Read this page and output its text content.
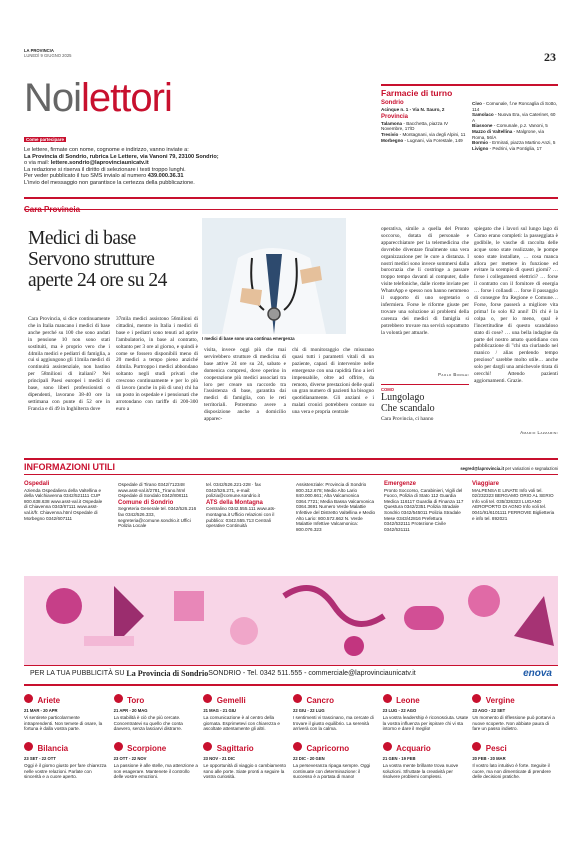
LA PROVINCIA
LUNEDÌ 9 GIUGNO 2025	23
Noilettori
Come partecipare
Le lettere, firmate con nome, cognome e indirizzo, vanno inviate a:
La Provincia di Sondrio, rubrica Le Lettere, via Vanoni 79, 23100 Sondrio;
o via mail: lettere.sondrio@laprovinciaunicatv.it
La redazione si riserva il diritto di selezionare i testi troppo lunghi.
Per veder pubblicato il tuo SMS invialo al numero 439.000.36.31
L'invio del messaggio non garantisce la certezza della pubblicazione.
Farmacie di turno
Sondrio
Acinque n. 1 - Via N. Sauro, 2
Provincia
Talamona - Bacchetta, piazza IV Novembre, 17/D
Tresivio - Montagnani, via degli Alpini, 11
Morbegno - Lugnani, via Forestale, 149
Civo - Comunale, f.ne Roncaglia di Sotto, 114
Samolaco - Nuova Era, via Caterinet, 60 A
Biassone - Comunale, p.z. Vanoni, 5
Mazzo di Valtellina - Malgrone, via Roma, 56/A
Bormio - Ermirati, piazza Martino Anzi, 5
Livigno - Pedrini, via Pontiglia, 17
Cara Provincia
Medici di base
Servono strutture
aperte 24 ore su 24
I medici di base sono una continua emergenza
Cara Provincia, si dice continuamente che in Italia mancano i medici di base anche perché su 100 che sono andati in pensione 10 non sono stati sostituiti, ma è proprio vero che i 44mila medici e pediatri di famiglia, a cui si aggiungono gli 11mila medici di continuità assistenziale, non bastino per 58milioni di italiani? Nei principali Paesi europei i medici di base, sono liberi professionisti o dipendenti, lavorano 38-40 ore la settimana con punte di 52 ore in Francia e di 49 in Inghilterra dove
37mila medici assistono 56milioni di cittadini, mentre in Italia i medici di base e i pediatri sono tenuti ad aprire l'ambulatorio, in base al contratto, soltanto per 3 ore al giorno, e quindi è come se fossero disponibili meno di 20 medici a tempo pieno anziché 44mila. Purtroppo i medici abbondano soltanto negli studi privati che crescono continuamente e per lo più di lavoro (anche in più di uno) chi ha un posto in ospedale e i pensionati che arrotondano con tariffe di 200-300 euro a
visita, invece oggi più che mai servirebbero strutture di medicina di base attive 24 ore su 24, sabato e domenica compresi, dove operino in cooperazione più medici associati tra loro per creare un raccordo tra l'assistenza di base, garantita dai medici di famiglia, con le reti territoriali. Potremmo avere a disposizione anche a domicilio apparec-
chi di monitoraggio che misurano quasi tutti i parametri vitali di un paziente, capaci di intervenire nelle emergenze con una rapidità fino a ieri impensabile, oltre ad offrire, da remoto, diverse prestazioni delle quali un gran numero di pazienti ha bisogno quotidianamente. Gli anziani e i malati cronici potrebbero contare su una vera e propria centrale
operativa, simile a quella del Pronto soccorso, dotata di personale e apparecchiature per la telemedicina che dovrebbe diventare finalmente una vera organizzazione per le cure a distanza. I nostri medici sono invece sommersi dalla burocrazia che li costringe a passare troppo tempo davanti al computer, dalle visite telefoniche, dalle ricette inviate per WhatsApp e spesso non hanno nemmeno il supporto di uno segretario o infermiera. Forse le riforme giuste per trovare una soluzione ai problemi della carenza dei medici di famiglia si potrebbero trovare ma servirà soprattutto la volontà per attuarle.
Paolo Borghi
COMO
Lungolago
Che scandalo
Cara Provincia, ci hanno
spiegato che i lavori sul lungo lago di Como erano completi: la passeggiata è godibile, le vasche di raccolta delle acque sono state realizzate, le pompe sono state installate, … cosa manca allora per mettere in funzione ed evitare la scempio di questi giorni? … forse i collegamenti elettrici? … forse il contratto con il fornitore di energia … forse i collaudi … forse il passaggio di consegne fra Regione e Comune… Forse, forse passerà a migliore vita prima! Io solo 82 anni! Di chi è la colpa o, per lo meno, qual è l'incertitudine di questo scandaloso stato di cose? … una bella indagine da parte del nostro amato quotidiano con pubblicazione di "chi sta ciurlando nel manico / alias perdendo tempo prezioso" sarebbe molto utile… anche solo per dargli una amichevole tirata di orecchi! Attendo pazienti aggiornamenti. Grazie.
Amadio Lazzarini
INFORMAZIONI UTILI	segred@laprovincia.it per variazioni e segnalazioni
Ospedali
Azienda Ospedaliera della Valtellina e della Valchiavenna 0342/521111 CUP 800.638.638 www.asst-val.it Ospedale di Chiavenna 0343/67111 www.asst-val.it/fr. Chiavenna.html Ospedale di Morbegno 0342/607111
Ospedale di Tirano 0342/712348 www.asst-val.it/2781_Tirano.html Ospedale di Sondalo 0342/808111
Comune di Sondrio
Segreteria Generale tel. 0342/526.216 fax 0342/526.333, segreteria@comune.sondrio.it Uffici Polizia Locale
tel. 0342/526.221-228 · fax 0342/526.271, e-mail: polizia@comune.sondrio.it
ATS della Montagna
Centralino 0342.555.111 www.ats-montagna.it Ufficio relazioni con il pubblico: 0342.555.713 Centrali operative Continuità
Assistenziale: Provincia di Sondrio 800.312.678; Medio Alto Lario 840.000.661; Alta Valcamonica 0364.7721; Media Bassa Valcamonica 0364.3691 Numero Verde Malattie Infettive del Distretto Valtellina e Medio Alto Lario: 800.572.662 N. Verde Malattie Infettive Valcamonica: 800.076.323
Emergenze
Pronto Soccorso, Carabinieri, Vigili del Fuoco, Polizia di Stato 112 Guardia Medica 116117 Guardia di Finanza 117 Questura 0342/2351 Polizia Stradale Sondrio 0342/545011 Polizia Stradale Mese 0343/42816 Prefettura 0342/532111 Protezione Civile 0342/531111
Viaggiare
MALPENSA E LINATE Info voli tel. 02/232323 BERGAMO ORIO AL SERIO Info voli tel. 035/326323 LUGANO AEROPORTO DI AGNO Info voli tel. 0041/91/6101111 FERROVIE Biglietteria e info tel. 892021
PER LA TUA PUBBLICITÀ SU La Provincia di Sondrio SONDRIO - Tel. 0342 511.555 - commerciale@laprovinciaunicatv.it	enova
Ariete
21 MAR - 20 APR
Vi sentirete particolarmente intraprendenti. Non temete di osare, la fortuna è dalla vostra parte.
Toro
21 APR - 20 MAG
La stabilità è ciò che più cercate. Concentratevi su quello che conta davvero, senza lasciarvi distrarre.
Gemelli
21 MAG - 21 GIU
La comunicazione è al centro della giornata. Esprimetevi con chiarezza e ascoltate attentamente gli altri.
Cancro
22 GIU - 22 LUG
I sentimenti vi trascinano, ma cercate di trovare il giusto equilibrio. La serenità arriverà con la calma.
Leone
23 LUG - 22 AGO
La vostra leadership è riconosciuta. Usate la vostra influenza per ispirare chi vi sta intorno e dare il meglio!
Vergine
23 AGO - 22 SET
Un momento di riflessione può portarvi a nuove scoperte. Non abbiate paura di fare un passo indietro.
Bilancia
23 SET - 22 OTT
Oggi è il giorno giusto per fare chiarezza nelle vostre relazioni. Parlate con sincerità e a cuore aperto.
Scorpione
23 OTT - 22 NOV
La passione è alle stelle, ma attenzione a non esagerare. Mantenete il controllo delle vostre emozioni.
Sagittario
23 NOV - 21 DIC
Le opportunità di viaggio o cambiamento sono alle porte. Siate pronti a seguire la vostra curiosità.
Capricorno
22 DIC - 20 GEN
La perseveranza ripaga sempre. Oggi continuate con determinazione: il successo è a portata di mano!
Acquario
21 GEN - 19 FEB
La vostra mente brillante trova nuove soluzioni. Sfruttate la creatività per risolvere problemi complessi.
Pesci
20 FEB - 20 MAR
Il vostro lato intuitivo è forte. Seguite il cuore, ma non dimenticate di prendere delle decisioni pratiche.
